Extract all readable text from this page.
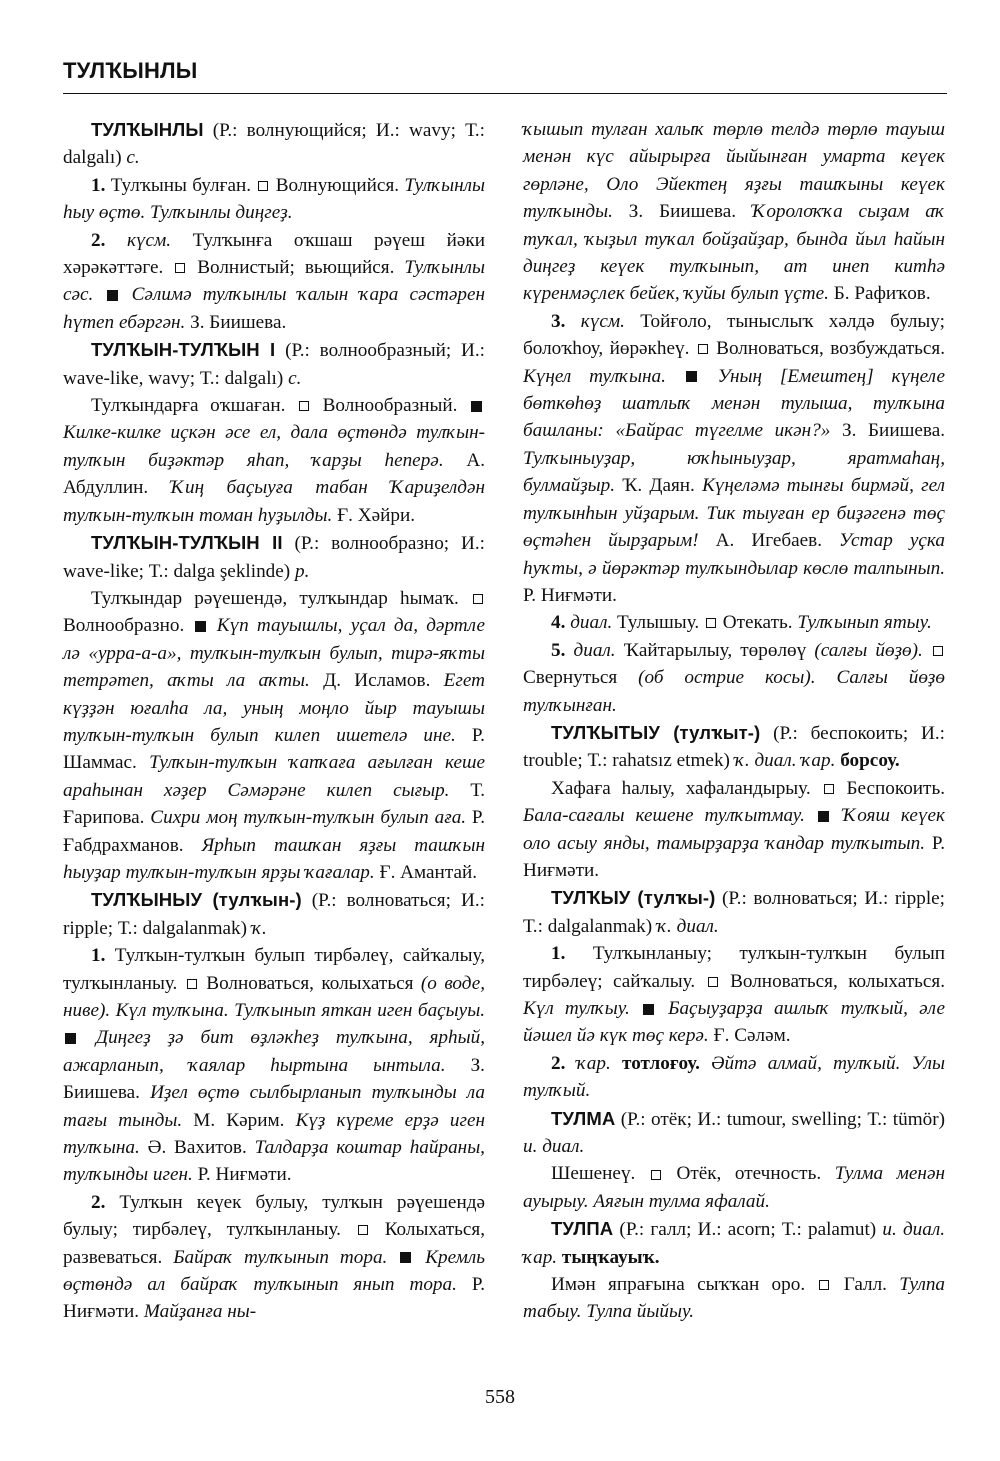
ТУЛҠЫНЛЫ

ТУЛҠЫНЛЫ (Р.: волнующийся; И.: wavy; Т.: dalgalı) с.

1. Тулҡыны булған.  Волнующийся. Тулҡынлы һыу өҫтө. Тулҡынлы диңгеҙ.

2. күсм. Тулҡынға оҡшаш рәүеш йәки хәрәкәттәге.  Волнистый; вьющийся. Тулҡынлы сәс.  Сәлимә тулҡынлы ҡалын ҡара сәстәрен һүтеп ебәргән. З. Биишева.

ТУЛҠЫН-ТУЛҠЫН I (Р.: волнообразный; И.: wave-like, wavy; Т.: dalgalı) с.

Тулҡындарға оҡшаған.  Волнообразный.  Килке-килке иҫкән әсе ел, дала өҫтөндә тулҡын-тулҡын биҙәктәр яһап, ҡарҙы һеперә. А. Абдуллин. Ҡиң баҫыуға табан Ҡариҙелдән тулҡын-тулҡын томан һуҙылды. Ғ. Хәйри.

ТУЛҠЫН-ТУЛҠЫН II (Р.: волнообразно; И.: wave-like; Т.: dalga şeklinde) р.

Тулҡындар рәүешендә, тулҡындар һымаҡ.  Волнообразно.  Күп тауышлы, уҫал да, дәртле лә «урра-а-а», тулҡын-тулҡын булып, тирә-яҡты тетрәтеп, аҡты ла аҡты. Д. Исламов. Егет күҙҙән юғалһа ла, уның моңло йыр тауышы тулҡын-тулҡын булып килеп ишетелә ине. Р. Шаммас. Тулҡын-тулҡын ҡапҡаға ағылған кеше араһынан хәҙер Сәмәрәне килеп сығыр. Т. Ғарипова. Сихри моң тулҡын-тулҡын булып аға. Р. Ғабдрахманов. Ярһып ташҡан яҙғы ташҡын һыуҙар тулҡын-тулҡын ярҙы ҡағалар. Ғ. Амантай.

ТУЛҠЫНЫУ (тулҡын-) (Р.: волноваться; И.: ripple; Т.: dalgalanmak) ҡ.

1. Тулҡын-тулҡын булып тирбәлеү, сайҡалыу, тулҡынланыу.  Волноваться, колыхаться (о воде, ниве). Күл тулҡына. Тулҡынып яткан иген баҫыуы.  Диңгеҙ ҙә бит өҙләкһеҙ тулҡына, ярһый, ажарланып, ҡаялар һыртына ынтыла. З. Биишева. Иҙел өҫтө сылбырланып тулҡынды ла тағы тынды. М. Кәрим. Күҙ күреме ерҙә иген тулҡына. Ә. Вахитов. Талдарҙа коштар һайраны, тулҡынды иген. Р. Ниғмәти.

2. Тулҡын кеүек булыу, тулҡын рәүешендә булыу; тирбәлеү, тулҡынланыу.  Колыхаться, развеваться. Байраҡ тулҡынып тора.  Кремль өҫтөндә ал байраҡ тулҡынып янып тора. Р. Ниғмәти. Майҙанға ны-

ҡышып тулған халыҡ төрлө телдә төрлө тауыш менән күс айырырға йыйынған умарта кеүек гөрләне, Оло Эйектең яҙғы ташҡыны кеүек тулҡынды. З. Биишева. Ҡоролоҡҡа сыҙам аҡ туҡал, ҡыҙыл туҡал бойҙайҙар, бында йыл һайын диңгеҙ кеүек тулҡынып, ат инеп китһә күренмәҫлек бейек, ҡуйы булып үҫте. Б. Рафиҡов.

3. күсм. Тойғоло, тыныслыҡ хәлдә булыу; болоҡһоу, йөрәкһеү.  Волноваться, возбуждаться. Күңел тулҡына.  Уның [Емештең] күңеле бөткөһөҙ шатлыҡ менән тулыша, тулҡына башланы: «Байрас түгелме икән?» З. Биишева. Тулҡыныуҙар, юҡһыныуҙар, яратмаһаң, булмайҙыр. Ҡ. Даян. Күңеләмә тынғы бирмәй, гел тулҡынһын уйҙарым. Тик тыуған ер биҙәгенә төҫ өҫтәһен йырҙарым! А. Игебаев. Устар уҫка һуҡты, ә йөрәктәр тулҡындылар көслө талпынып. Р. Ниғмәти.

4. диал. Тулышыу.  Отекать. Тулҡынып ятыу.

5. диал. Ҡайтарылыу, төрөлөү (салғы йөҙө).  Свернуться (об острие косы). Салғы йөҙө тулҡынған.

ТУЛҠЫТЫУ (тулҡыт-) (Р.: беспокоить; И.: trouble; Т.: rahatsız etmek) ҡ. диал. ҡар. борсоу.

Хафаға һалыу, хафаландырыу.  Беспокоить. Бала-сағалы кешене тулҡытмау.  Ҡояш кеүек оло асыу янды, тамырҙарҙа ҡандар тулҡытып. Р. Ниғмәти.

ТУЛҠЫУ (тулҡы-) (Р.: волноваться; И.: ripple; Т.: dalgalanmak) ҡ. диал.

1. Тулҡынланыу; тулҡын-тулҡын булып тирбәлеү; сайҡалыу.  Волноваться, колыхаться. Күл тулҡыу.  Баҫыуҙарҙа ашлыҡ тулҡый, әле йәшел йә күк төҫ керә. Ғ. Сәләм.

2. ҡар. тотлоғоу. Әйтә алмай, тулҡый. Улы тулҡый.

ТУЛМА (Р.: отёк; И.: tumour, swelling; Т.: tümör) и. диал.

Шешенеү.  Отёк, отечность. Тулма менән ауырыу. Аяғын тулма яфалай.

ТУЛПА (Р.: галл; И.: acorn; Т.: palamut) и. диал. ҡар. тыңҡауыҡ.

Имән япрағына сыҡҡан оро.  Галл. Тулпа табыу. Тулпа йыйыу.

558
